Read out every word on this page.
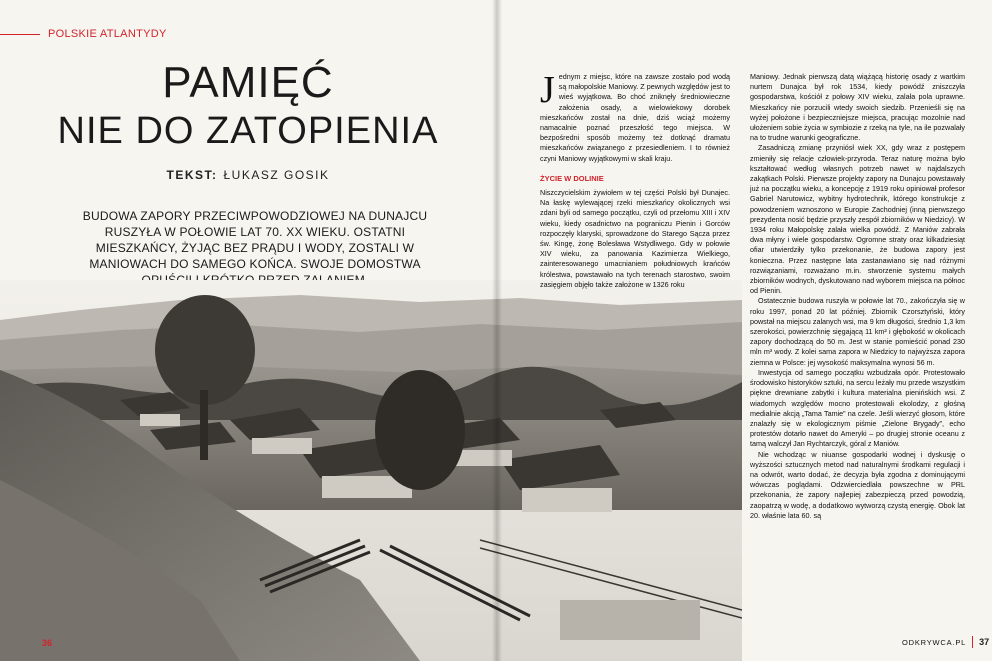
POLSKIE ATLANTYDY
PAMIĘĆ
NIE DO ZATOPIENIA
TEKST: ŁUKASZ GOSIK
BUDOWA ZAPORY PRZECIWPOWODZIOWEJ NA DUNAJCU RUSZYŁA W POŁOWIE LAT 70. XX WIEKU. OSTATNI MIESZKAŃCY, ŻYJĄC BEZ PRĄDU I WODY, ZOSTALI W MANIOWACH DO SAMEGO KOŃCA. SWOJE DOMOSTWA
J ednym z miejsc, które na zawsze zostało pod wodą są małopolskie Maniowy. Z pewnych względów jest to wieś wyjątkowa. Bo choć zniknęły średniowieczne założenia osady, a wielowiekowy dorobek mieszkańców został na dnie, dziś wciąż możemy namacalnie poznać przeszłość tego miejsca. W bezpośredni sposób możemy też dotknąć dramatu mieszkańców związanego z przesiedleniem. I to również czyni Maniowy wyjątkowymi w skali kraju.

ŻYCIE W DOLINIE

Niszczycielskim żywiołem w tej części Polski był Dunajec. Na łaskę wylewającej rzeki mieszkańcy okolicznych wsi zdani byli od samego początku, czyli od przełomu XIII i XIV wieku, kiedy osadnictwo na pograniczu Pienin i Gorców rozpoczęły klaryski, sprowadzone do Starego Sącza przez św. Kingę, żonę Bolesława Wstydliwego. Gdy w połowie XIV wieku, za panowania Kazimierza Wielkiego, zainteresowanego umacnianiem południowych krańców królestwa, powstawało na tych terenach starostwo, swoim zasięgiem objęło także założone w 1326 roku

Maniowy. Jednak pierwszą datą wiążącą historię osady z wartkim nurtem Dunajca był rok 1534, kiedy powódź zniszczyła gospodarstwa, kościół z połowy XIV wieku, zalała pola uprawne. Mieszkańcy nie porzucili wtedy swoich siedzib. Przenieśli się na wyżej położone i bezpieczniejsze miejsca, pracując mozolnie nad ułożeniem sobie życia w symbiozie z rzeką na tyle, na ile pozwalały na to trudne warunki geograficzne.

Zasadniczą zmianę przyniósł wiek XX, gdy wraz z postępem zmieniły się relacje człowiek-przyroda. Teraz naturę można było kształtować według własnych potrzeb nawet w najdalszych zakątkach Polski. Pierwsze projekty zapory na Dunajcu powstawały już na początku wieku, a koncepcję z 1919 roku opiniował profesor Gabriel Narutowicz, wybitny hydrotechnik, którego konstrukcje z powodzeniem wznoszono w Europie Zachodniej (inną pierwszego prezydenta nosić będzie przyszły zespół zbiorników w Niedzicy). W 1934 roku Małopolskę zalała wielka powódź. Z Maniów zabrała dwa młyny i wiele gospodarstw. Ogromne straty oraz kilkadziesiąt ofiar utwierdziły tylko przekonanie, że budowa zapory jest konieczna. Przez następne lata zastanawiano się nad różnymi rozwiązaniami, rozważano m.in. stworzenie systemu małych zbiorników wodnych, dyskutowano nad wyborem miejsca na północ od Pienin.

Ostatecznie budowa ruszyła w połowie lat 70., zakończyła się w roku 1997, ponad 20 lat później. Zbiornik Czorsztyński, który powstał na miejscu zalanych wsi, ma 9 km długości, średnio 1,3 km szerokości, powierzchnię sięgającą 11 km² i głębokość w okolicach zapory dochodzącą do 50 m. Jest w stanie pomieścić ponad 230 mln m³ wody. Z kolei sama zapora w Niedzicy to najwyższa zapora ziemna w Polsce: jej wysokość maksymalna wynosi 56 m.

Inwestycja od samego początku wzbudzała opór. Protestowało środowisko historyków sztuki, na sercu leżały mu przede wszystkim piękne drewniane zabytki i kultura materialna pienińskich wsi. Z wiadomych względów mocno protestowali ekolodzy, z głośną medialnie akcją „Tama Tamie” na czele. Jeśli wierzyć głosom, które znalazły się w ekologicznym piśmie „Zielone Brygady”, echo protestów dotarło nawet do Ameryki – po drugiej stronie oceanu z tamą walczył Jan Rychtarczyk, góral z Maniów.

Nie wchodząc w niuanse gospodarki wodnej i dyskusję o wyższości sztucznych metod nad naturalnymi środkami regulacji i na odwrót, warto dodać, że decyzja była zgodna z dominującymi wówczas poglądami. Odzwierciedlała powszechne w PRL przekonania, że zapory najlepiej zabezpieczą przed powodzią, zaopatrzą w wodę, a dodatkowo wytworzą czystą energię. Obok lat 20. właśnie lata 60. są

36	ODKRYWCA.PL 37
